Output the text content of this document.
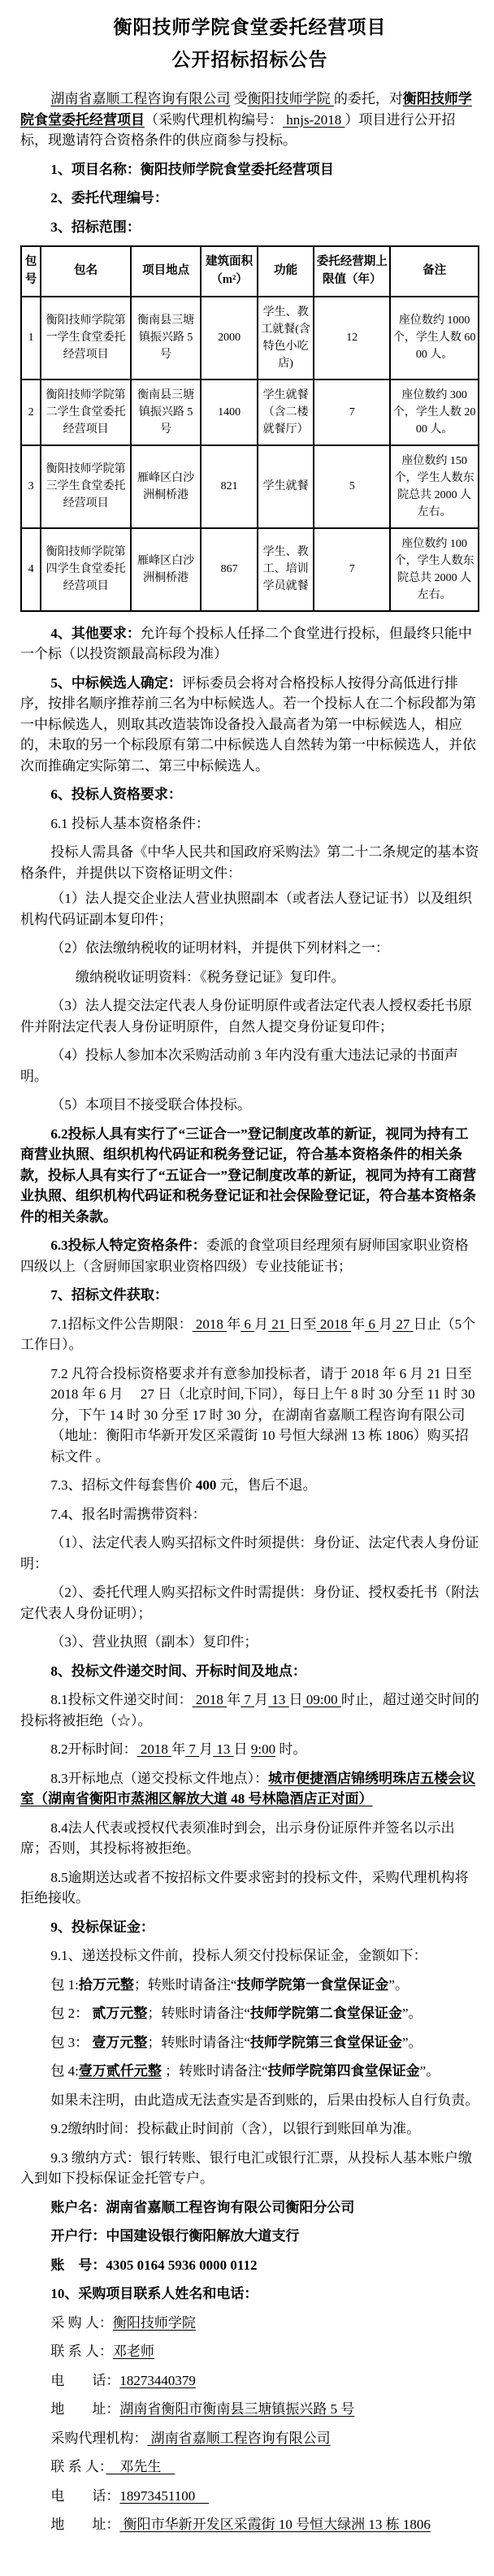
衡阳技师学院食堂委托经营项目
公开招标招标公告

湖南省嘉顺工程咨询有限公司 受衡阳技师学院 的委托，对衡阳技师学院食堂委托经营项目（采购代理机构编号： hnjs-2018 ）项目进行公开招标，现邀请符合资格条件的供应商参与投标。

1、项目名称：衡阳技师学院食堂委托经营项目

2、委托代理编号：

3、招标范围：

包号	包名	项目地点	建筑面积（m²）	功能	委托经营期上限值（年）	备注
1	衡阳技师学院第一学生食堂委托经营项目	衡南县三塘镇振兴路 5 号	2000	学生、教工就餐(含特色小吃店)	12	座位数约 1000 个，学生人数 6000 人。
2	衡阳技师学院第二学生食堂委托经营项目	衡南县三塘镇振兴路 5 号	1400	学生就餐（含二楼就餐厅）	7	座位数约 300 个，学生人数 2000 人。
3	衡阳技师学院第三学生食堂委托经营项目	雁峰区白沙洲桐桥港	821	学生就餐	5	座位数约 150 个，学生人数东院总共 2000 人左右。
4	衡阳技师学院第四学生食堂委托经营项目	雁峰区白沙洲桐桥港	867	学生、教工、培训学员就餐	7	座位数约 100 个，学生人数东院总共 2000 人左右。

4、其他要求：允许每个投标人任择二个食堂进行投标，但最终只能中一个标（以投资额最高标段为准）

5、中标候选人确定：评标委员会将对合格投标人按得分高低进行排序，按排名顺序推荐前三名为中标候选人。若一个投标人在二个标段都为第一中标候选人，则取其改造装饰设备投入最高者为第一中标候选人，相应的，未取的另一个标段原有第二中标候选人自然转为第一中标候选人，并依次而推确定实际第二、第三中标候选人。

6、投标人资格要求：

6.1 投标人基本资格条件：

投标人需具备《中华人民共和国政府采购法》第二十二条规定的基本资格条件，并提供以下资格证明文件：

（1）法人提交企业法人营业执照副本（或者法人登记证书）以及组织机构代码证副本复印件；

（2）依法缴纳税收的证明材料，并提供下列材料之一：

缴纳税收证明资料：《税务登记证》复印件。

（3）法人提交法定代表人身份证明原件或者法定代表人授权委托书原件并附法定代表人身份证明原件，自然人提交身份证复印件；

（4）投标人参加本次采购活动前 3 年内没有重大违法记录的书面声明。

（5）本项目不接受联合体投标。

6.2投标人具有实行了“三证合一”登记制度改革的新证，视同为持有工商营业执照、组织机构代码证和税务登记证，符合基本资格条件的相关条款，投标人具有实行了“五证合一”登记制度改革的新证，视同为持有工商营业执照、组织机构代码证和税务登记证和社会保险登记证，符合基本资格条件的相关条款。

6.3投标人特定资格条件：委派的食堂项目经理须有厨师国家职业资格四级以上（含厨师国家职业资格四级）专业技能证书；

7、招标文件获取：

7.1招标文件公告期限： 2018 年 6 月 21 日至 2018 年 6 月 27 日止（5个工作日）。

7.2 凡符合投标资格要求并有意参加投标者，请于 2018 年 6 月 21 日至 2018 年 6 月　 27 日（北京时间,下同），每日上午 8 时 30 分至 11 时 30 分，下午 14 时 30 分至 17 时 30 分，在湖南省嘉顺工程咨询有限公司（地址：衡阳市华新开发区采霞街 10 号恒大绿洲 13 栋 1806）购买招标文件 。

7.3、招标文件每套售价 400 元，售后不退。

7.4、报名时需携带资料：

（1）、法定代表人购买招标文件时须提供：身份证、法定代表人身份证明：

（2）、委托代理人购买招标文件时需提供：身份证、授权委托书（附法定代表人身份证明）；

（3）、营业执照（副本）复印件；

8、投标文件递交时间、开标时间及地点：

8.1投标文件递交时间： 2018 年 7 月 13 日 09:00 时止，超过递交时间的投标将被拒绝（☆）。

8.2开标时间： 2018 年 7 月 13 日 9:00 时。

8.3开标地点（递交投标文件地点）：城市便捷酒店锦绣明珠店五楼会议室（湖南省衡阳市蒸湘区解放大道 48 号林隐酒店正对面）

8.4法人代表或授权代表须准时到会，出示身份证原件并签名以示出席；否则，其投标将被拒绝。

8.5逾期送达或者不按招标文件要求密封的投标文件，采购代理机构将拒绝接收。

9、投标保证金：

9.1、递送投标文件前，投标人须交付投标保证金，金额如下：

包 1:拾万元整；转账时请备注“技师学院第一食堂保证金”。

包 2： 贰万元整；转账时请备注“技师学院第二食堂保证金”。

包 3： 壹万元整；转账时请备注“技师学院第三食堂保证金”。

包 4:壹万贰仟元整 ；转账时请备注“技师学院第四食堂保证金”。

如果未注明，由此造成无法查实是否到账的，后果由投标人自行负责。

9.2缴纳时间：投标截止时间前（含），以银行到账回单为准。

9.3 缴纳方式：银行转账、银行电汇或银行汇票，从投标人基本账户缴入到如下投标保证金托管专户。

账户名：湖南省嘉顺工程咨询有限公司衡阳分公司

开户行：中国建设银行衡阳解放大道支行

账　号：4305 0164 5936 0000 0112

10、采购项目联系人姓名和电话：

采 购 人：衡阳技师学院

联 系 人：邓老师

电　　话：18273440379

地　　址：湖南省衡阳市衡南县三塘镇振兴路 5 号

采购代理机构： 湖南省嘉顺工程咨询有限公司

联 系 人：　邓先生　

电　　话：18973451100　

地　　址： 衡阳市华新开发区采霞街 10 号恒大绿洲 13 栋 1806
